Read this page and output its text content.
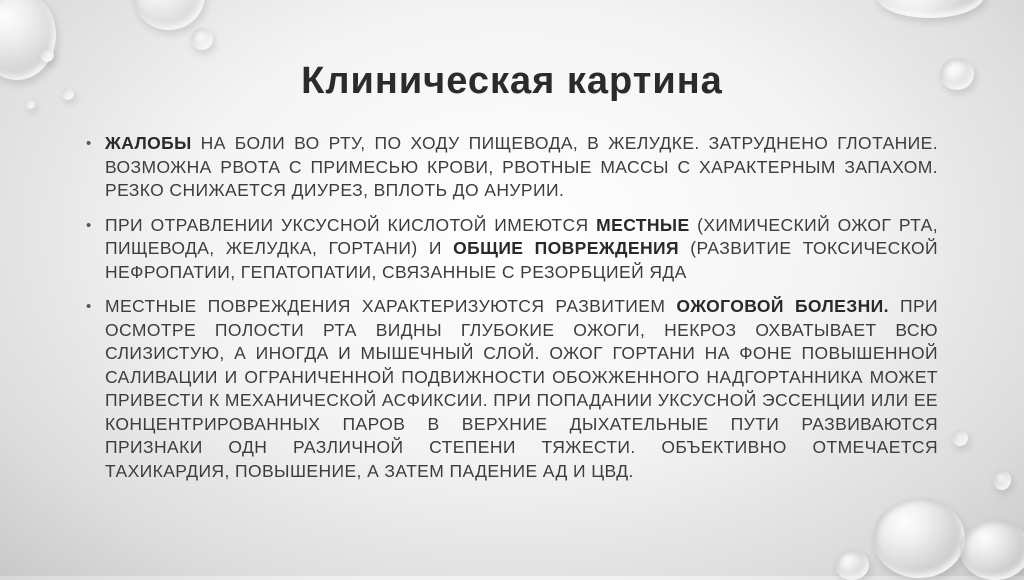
Клиническая картина
• ЖАЛОБЫ НА БОЛИ ВО РТУ, ПО ХОДУ ПИЩЕВОДА, В ЖЕЛУДКЕ. ЗАТРУДНЕНО ГЛОТАНИЕ. ВОЗМОЖНА РВОТА С ПРИМЕСЬЮ КРОВИ, РВОТНЫЕ МАССЫ С ХАРАКТЕРНЫМ ЗАПАХОМ. РЕЗКО СНИЖАЕТСЯ ДИУРЕЗ, ВПЛОТЬ ДО АНУРИИ.
• ПРИ ОТРАВЛЕНИИ УКСУСНОЙ КИСЛОТОЙ ИМЕЮТСЯ МЕСТНЫЕ (ХИМИЧЕСКИЙ ОЖОГ РТА, ПИЩЕВОДА, ЖЕЛУДКА, ГОРТАНИ) И ОБЩИЕ ПОВРЕЖДЕНИЯ (РАЗВИТИЕ ТОКСИЧЕСКОЙ НЕФРОПАТИИ, ГЕПАТОПАТИИ, СВЯЗАННЫЕ С РЕЗОРБЦИЕЙ ЯДА
• МЕСТНЫЕ ПОВРЕЖДЕНИЯ ХАРАКТЕРИЗУЮТСЯ РАЗВИТИЕМ ОЖОГОВОЙ БОЛЕЗНИ. ПРИ ОСМОТРЕ ПОЛОСТИ РТА ВИДНЫ ГЛУБОКИЕ ОЖОГИ, НЕКРОЗ ОХВАТЫВАЕТ ВСЮ СЛИЗИСТУЮ, А ИНОГДА И МЫШЕЧНЫЙ СЛОЙ. ОЖОГ ГОРТАНИ НА ФОНЕ ПОВЫШЕННОЙ САЛИВАЦИИ И ОГРАНИЧЕННОЙ ПОДВИЖНОСТИ ОБОЖЖЕННОГО НАДГОРТАННИКА МОЖЕТ ПРИВЕСТИ К МЕХАНИЧЕСКОЙ АСФИКСИИ. ПРИ ПОПАДАНИИ УКСУСНОЙ ЭССЕНЦИИ ИЛИ ЕЕ КОНЦЕНТРИРОВАННЫХ ПАРОВ В ВЕРХНИЕ ДЫХАТЕЛЬНЫЕ ПУТИ РАЗВИВАЮТСЯ ПРИЗНАКИ ОДН РАЗЛИЧНОЙ СТЕПЕНИ ТЯЖЕСТИ. ОБЪЕКТИВНО ОТМЕЧАЕТСЯ ТАХИКАРДИЯ, ПОВЫШЕНИЕ, А ЗАТЕМ ПАДЕНИЕ АД И ЦВД.
